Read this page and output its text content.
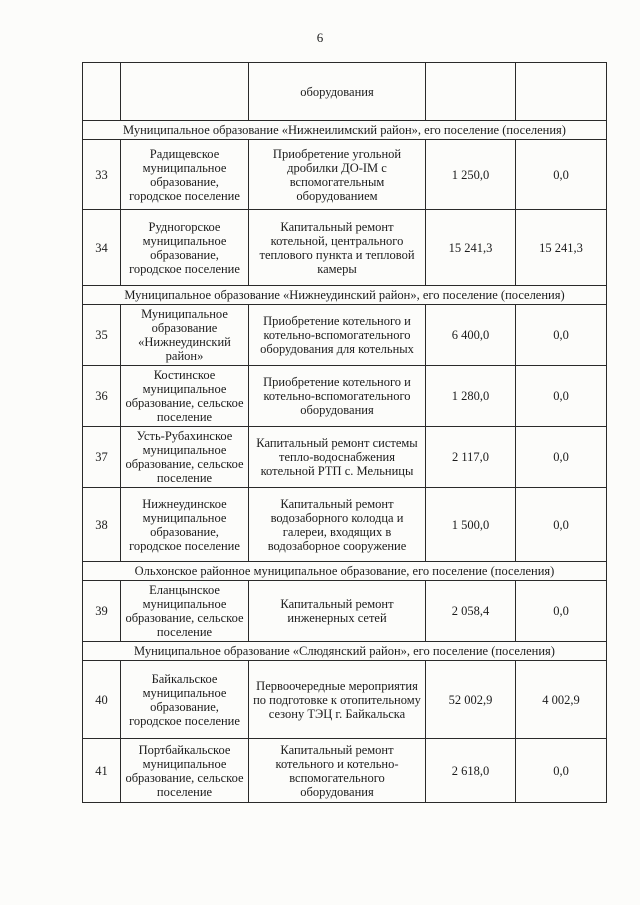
6
		оборудования		
Муниципальное образование «Нижнеилимский район», его поселение (поселения)				
33	Радищевское муниципальное образование, городское поселение	Приобретение угольной дробилки ДО-IM с вспомогательным оборудованием	1 250,0	0,0
34	Рудногорское муниципальное образование, городское поселение	Капитальный ремонт котельной, центрального теплового пункта и тепловой камеры	15 241,3	15 241,3
Муниципальное образование «Нижнеудинский район», его поселение (поселения)				
35	Муниципальное образование «Нижнеудинский район»	Приобретение котельного и котельно-вспомогательного оборудования для котельных	6 400,0	0,0
36	Костинское муниципальное образование, сельское поселение	Приобретение котельного и котельно-вспомогательного оборудования	1 280,0	0,0
37	Усть-Рубахинское муниципальное образование, сельское поселение	Капитальный ремонт системы тепло-водоснабжения котельной РТП с. Мельницы	2 117,0	0,0
38	Нижнеудинское муниципальное образование, городское поселение	Капитальный ремонт водозаборного колодца и галереи, входящих в водозаборное сооружение	1 500,0	0,0
Ольхонское районное муниципальное образование, его поселение (поселения)				
39	Еланцынское муниципальное образование, сельское поселение	Капитальный ремонт инженерных сетей	2 058,4	0,0
Муниципальное образование «Слюдянский район», его поселение (поселения)				
40	Байкальское муниципальное образование, городское поселение	Первоочередные мероприятия по подготовке к отопительному сезону ТЭЦ г. Байкальска	52 002,9	4 002,9
41	Портбайкальское муниципальное образование, сельское поселение	Капитальный ремонт котельного и котельно-вспомогательного оборудования	2 618,0	0,0
